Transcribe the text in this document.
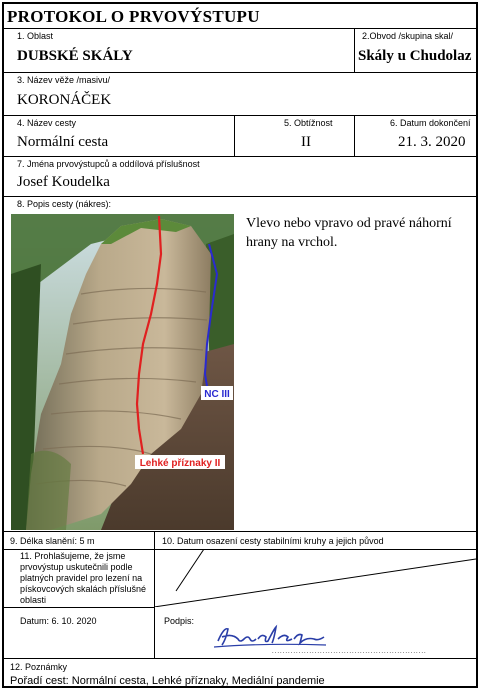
PROTOKOL O PRVOVÝSTUPU
1. Oblast
DUBSKÉ SKÁLY
2.Obvod /skupina skal/
Skály u Chudolaz
3. Název věže /masivu/
KORONÁČEK
4. Název cesty
Normální cesta
5. Obtížnost
II
6. Datum dokončení
21. 3. 2020
7. Jména prvovýstupců a oddílová příslušnost
Josef Koudelka
8. Popis cesty (nákres):
NC III
Lehké příznaky II
Vlevo nebo vpravo od pravé náhorní hrany na vrchol.
9. Délka slanění: 5 m	10. Datum osazení cesty stabilními kruhy a jejich původ
11. Prohlašujeme, že jsme prvovýstup uskutečnili podle platných pravidel pro lezení na pískovcových skalách příslušné oblasti
Datum: 6. 10. 2020	Podpis:
..........................................................
12. Poznámky
Pořadí cest: Normální cesta, Lehké příznaky, Mediální pandemie
